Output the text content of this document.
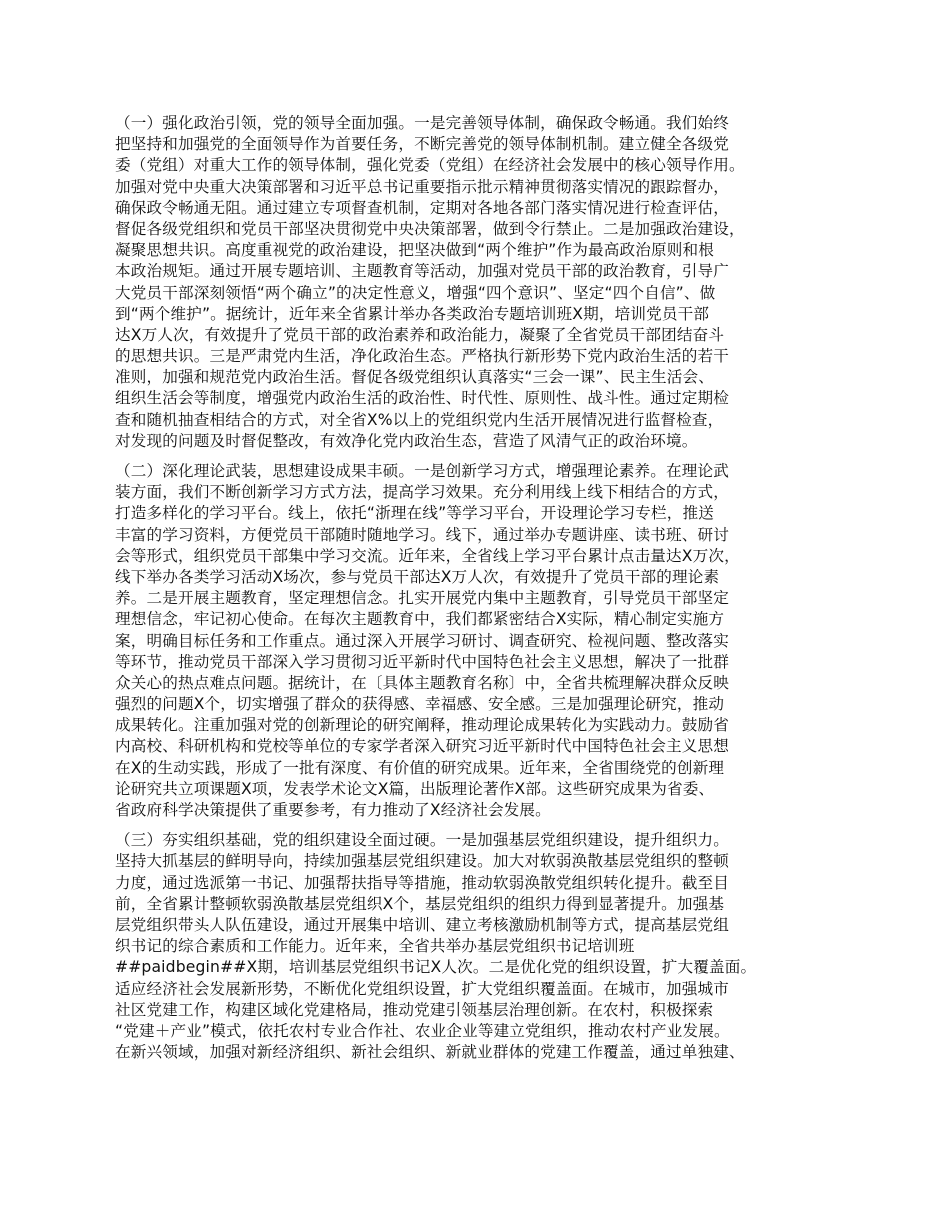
（一）强化政治引领，党的领导全面加强。一是完善领导体制，确保政令畅通。我们始终
把坚持和加强党的全面领导作为首要任务，不断完善党的领导体制机制。建立健全各级党
委（党组）对重大工作的领导体制，强化党委（党组）在经济社会发展中的核心领导作用。
加强对党中央重大决策部署和习近平总书记重要指示批示精神贯彻落实情况的跟踪督办，
确保政令畅通无阻。通过建立专项督查机制，定期对各地各部门落实情况进行检查评估，
督促各级党组织和党员干部坚决贯彻党中央决策部署，做到令行禁止。二是加强政治建设，
凝聚思想共识。高度重视党的政治建设，把坚决做到“两个维护”作为最高政治原则和根
本政治规矩。通过开展专题培训、主题教育等活动，加强对党员干部的政治教育，引导广
大党员干部深刻领悟“两个确立”的决定性意义，增强“四个意识”、坚定“四个自信”、做
到“两个维护”。据统计，近年来全省累计举办各类政治专题培训班X期，培训党员干部
达X万人次，有效提升了党员干部的政治素养和政治能力，凝聚了全省党员干部团结奋斗
的思想共识。三是严肃党内生活，净化政治生态。严格执行新形势下党内政治生活的若干
准则，加强和规范党内政治生活。督促各级党组织认真落实“三会一课”、民主生活会、
组织生活会等制度，增强党内政治生活的政治性、时代性、原则性、战斗性。通过定期检
查和随机抽查相结合的方式，对全省X%以上的党组织党内生活开展情况进行监督检查，
对发现的问题及时督促整改，有效净化党内政治生态，营造了风清气正的政治环境。
（二）深化理论武装，思想建设成果丰硕。一是创新学习方式，增强理论素养。在理论武
装方面，我们不断创新学习方式方法，提高学习效果。充分利用线上线下相结合的方式，
打造多样化的学习平台。线上，依托“浙理在线”等学习平台，开设理论学习专栏，推送
丰富的学习资料，方便党员干部随时随地学习。线下，通过举办专题讲座、读书班、研讨
会等形式，组织党员干部集中学习交流。近年来，全省线上学习平台累计点击量达X万次，
线下举办各类学习活动X场次，参与党员干部达X万人次，有效提升了党员干部的理论素
养。二是开展主题教育，坚定理想信念。扎实开展党内集中主题教育，引导党员干部坚定
理想信念，牢记初心使命。在每次主题教育中，我们都紧密结合X实际，精心制定实施方
案，明确目标任务和工作重点。通过深入开展学习研讨、调查研究、检视问题、整改落实
等环节，推动党员干部深入学习贯彻习近平新时代中国特色社会主义思想，解决了一批群
众关心的热点难点问题。据统计，在〔具体主题教育名称〕中，全省共梳理解决群众反映
强烈的问题X个，切实增强了群众的获得感、幸福感、安全感。三是加强理论研究，推动
成果转化。注重加强对党的创新理论的研究阐释，推动理论成果转化为实践动力。鼓励省
内高校、科研机构和党校等单位的专家学者深入研究习近平新时代中国特色社会主义思想
在X的生动实践，形成了一批有深度、有价值的研究成果。近年来，全省围绕党的创新理
论研究共立项课题X项，发表学术论文X篇，出版理论著作X部。这些研究成果为省委、
省政府科学决策提供了重要参考，有力推动了X经济社会发展。
（三）夯实组织基础，党的组织建设全面过硬。一是加强基层党组织建设，提升组织力。
坚持大抓基层的鲜明导向，持续加强基层党组织建设。加大对软弱涣散基层党组织的整顿
力度，通过选派第一书记、加强帮扶指导等措施，推动软弱涣散党组织转化提升。截至目
前，全省累计整顿软弱涣散基层党组织X个，基层党组织的组织力得到显著提升。加强基
层党组织带头人队伍建设，通过开展集中培训、建立考核激励机制等方式，提高基层党组
织书记的综合素质和工作能力。近年来，全省共举办基层党组织书记培训班
##paidbegin##X期，培训基层党组织书记X人次。二是优化党的组织设置，扩大覆盖面。
适应经济社会发展新形势，不断优化党组织设置，扩大党组织覆盖面。在城市，加强城市
社区党建工作，构建区域化党建格局，推动党建引领基层治理创新。在农村，积极探索
“党建＋产业”模式，依托农村专业合作社、农业企业等建立党组织，推动农村产业发展。
在新兴领域，加强对新经济组织、新社会组织、新就业群体的党建工作覆盖，通过单独建、
